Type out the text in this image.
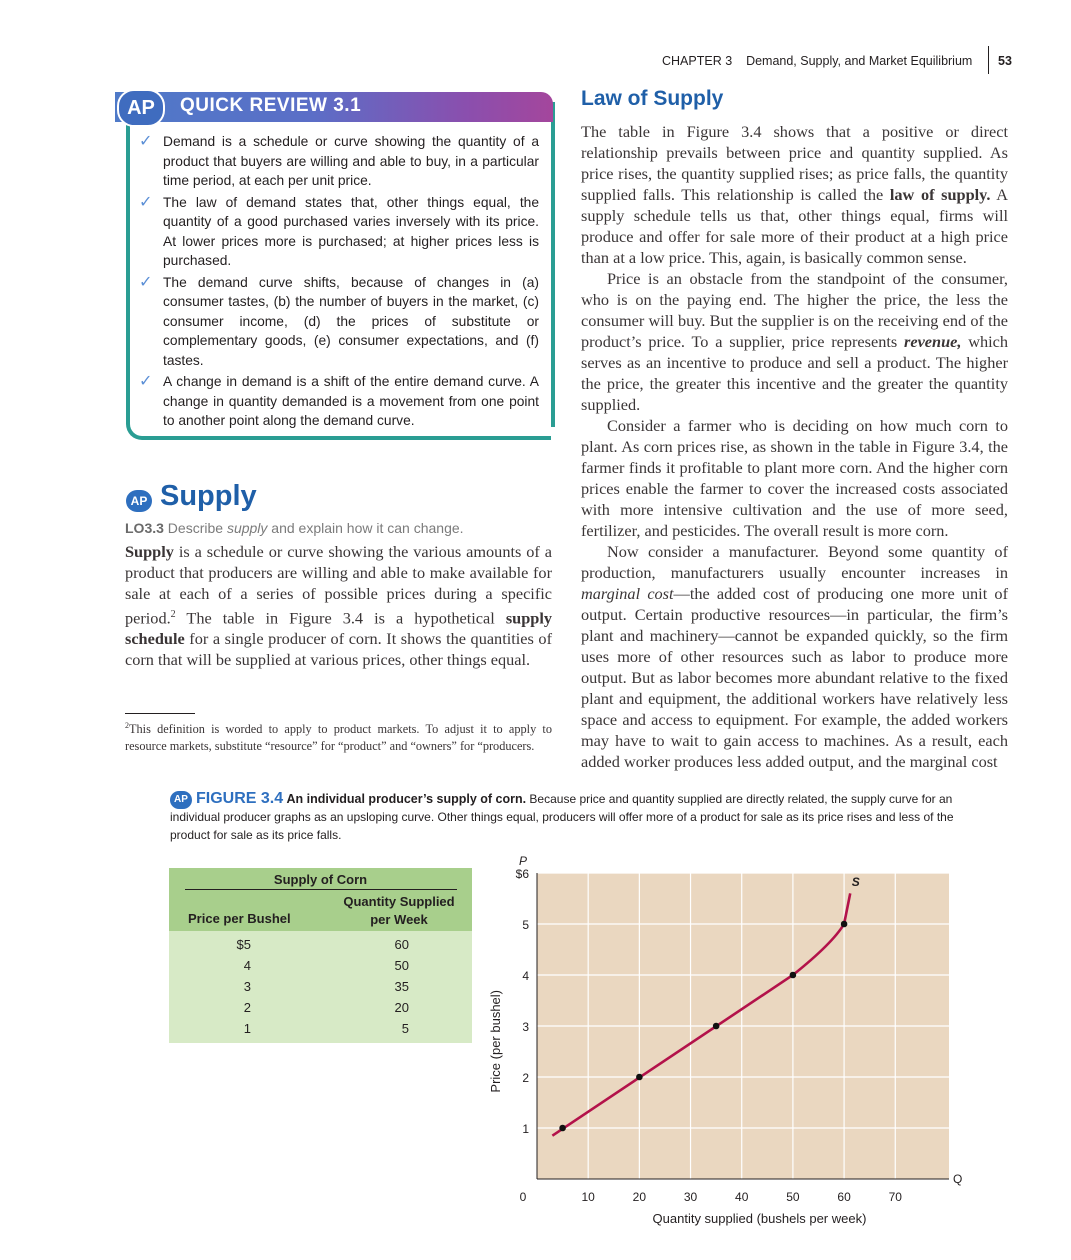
CHAPTER 3 Demand, Supply, and Market Equilibrium 53
AP	QUICK REVIEW 3.1
✓ Demand is a schedule or curve showing the quantity of a product that buyers are willing and able to buy, in a particular time period, at each per unit price.
✓ The law of demand states that, other things equal, the quantity of a good purchased varies inversely with its price. At lower prices more is purchased; at higher prices less is purchased.
✓ The demand curve shifts, because of changes in (a) consumer tastes, (b) the number of buyers in the market, (c) consumer income, (d) the prices of substitute or complementary goods, (e) consumer expectations, and (f) tastes.
✓ A change in demand is a shift of the entire demand curve. A change in quantity demanded is a movement from one point to another point along the demand curve.
AP Supply
LO3.3 Describe supply and explain how it can change.
Supply is a schedule or curve showing the various amounts of a product that producers are willing and able to make available for sale at each of a series of possible prices during a specific period.$^2$ The table in Figure 3.4 is a hypothetical supply schedule for a single producer of corn. It shows the quantities of corn that will be supplied at various prices, other things equal.
$^2$This definition is worded to apply to product markets. To adjust it to apply to resource markets, substitute “resource” for “product” and “owners” for “producers.
Law of Supply

The table in Figure 3.4 shows that a positive or direct relationship prevails between price and quantity supplied. As price rises, the quantity supplied rises; as price falls, the quantity supplied falls. This relationship is called the law of supply. A supply schedule tells us that, other things equal, firms will produce and offer for sale more of their product at a high price than at a low price. This, again, is basically common sense.

Price is an obstacle from the standpoint of the consumer, who is on the paying end. The higher the price, the less the consumer will buy. But the supplier is on the receiving end of the product’s price. To a supplier, price represents revenue, which serves as an incentive to produce and sell a product. The higher the price, the greater this incentive and the greater the quantity supplied.

Consider a farmer who is deciding on how much corn to plant. As corn prices rise, as shown in the table in Figure 3.4, the farmer finds it profitable to plant more corn. And the higher corn prices enable the farmer to cover the increased costs associated with more intensive cultivation and the use of more seed, fertilizer, and pesticides. The overall result is more corn.

Now consider a manufacturer. Beyond some quantity of production, manufacturers usually encounter increases in marginal cost—the added cost of producing one more unit of output. Certain productive resources—in particular, the firm’s plant and machinery—cannot be expanded quickly, so the firm uses more of other resources such as labor to produce more output. But as labor becomes more abundant relative to the fixed plant and equipment, the additional workers have relatively less space and access to equipment. For example, the added workers may have to wait to gain access to machines. As a result, each added worker produces less added output, and the marginal cost

FIGURE 3.4 An individual producer’s supply of corn. Because price and quantity supplied are directly related, the supply curve for an individual producer graphs as an upsloping curve. Other things equal, producers will offer more of a product for sale as its price rises and less of the product for sale as its price falls.
AP
Supply of Corn
Price per Bushel
Quantity Supplied
per Week
$5	60
4	50
3	35
2	20
1	5
$6
5
4
3
2
1
0	10	20	30	40	50	60	70
P
Q
Quantity supplied (bushels per week)
Price (per bushel)
S
